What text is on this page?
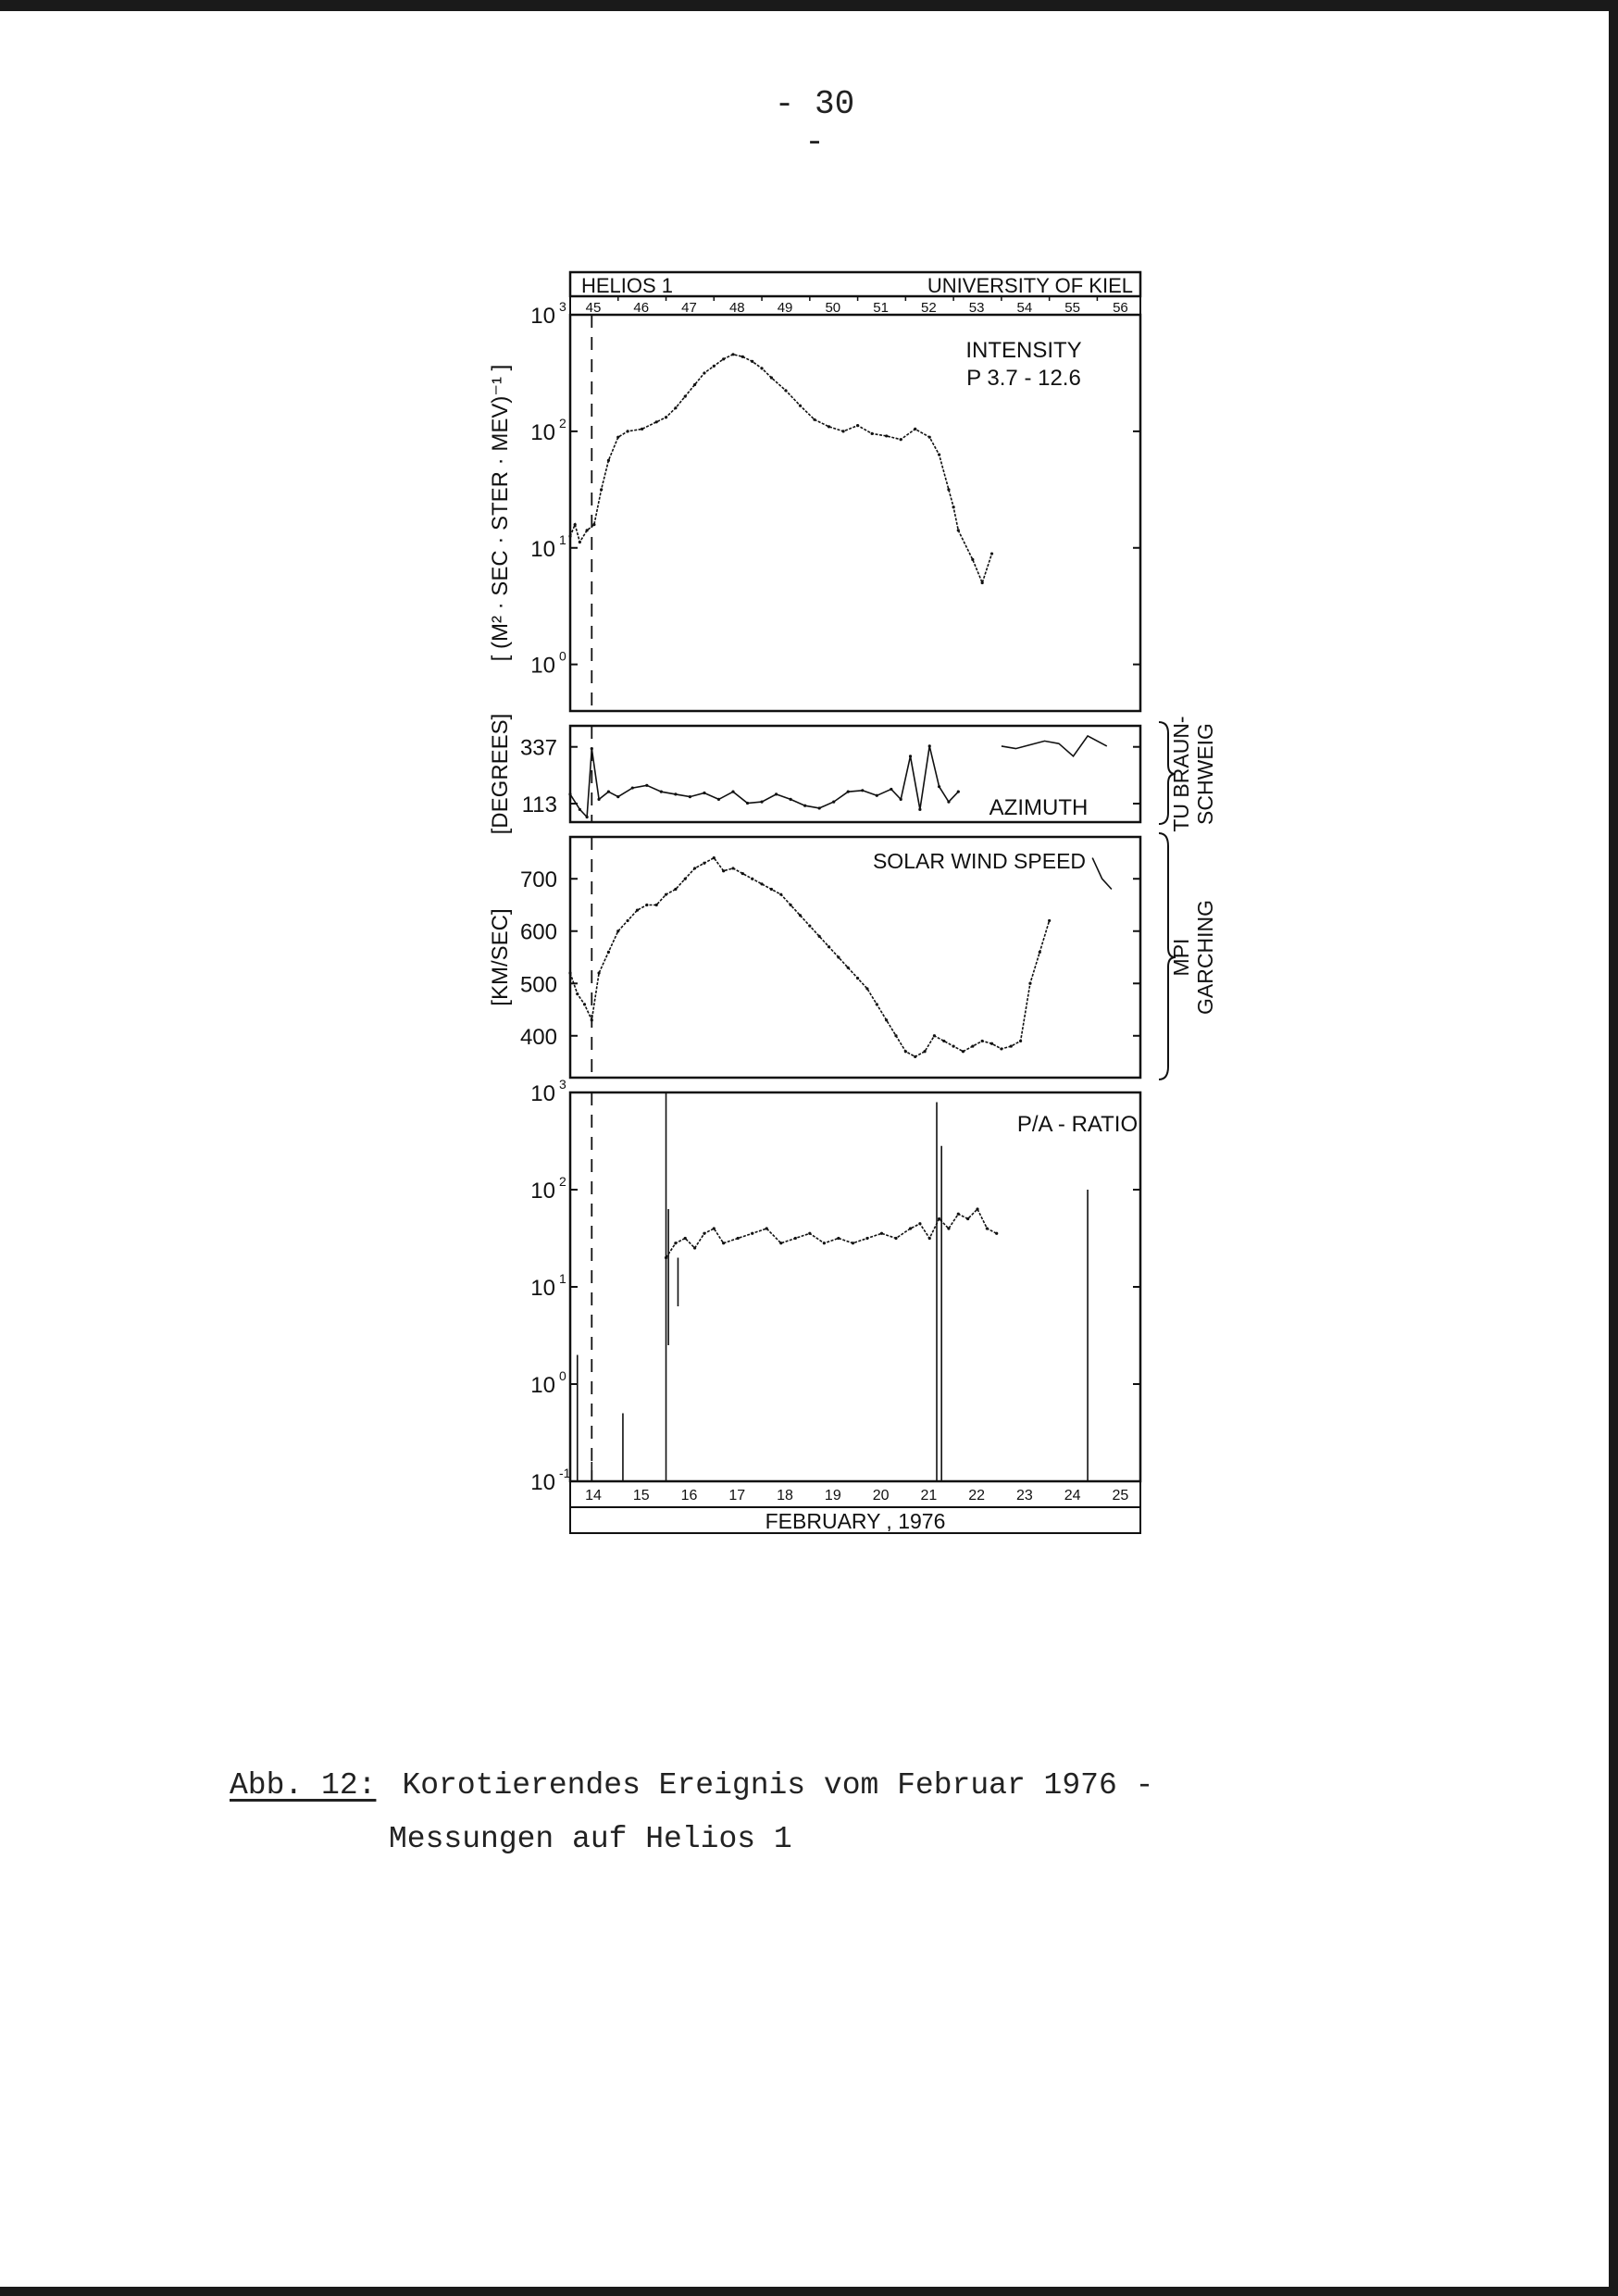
- 30 -
HELIOS 1	UNIVERSITY OF KIEL
45 46 47 48 49 50 51 52 53 54 55 56
10 3
10 2
10 1
10 0
[ (M² · SEC · STER · MEV)⁻¹ ]
337
113
[DEGREES]
700
600
500
400
[KM/SEC]
10 3
10 2
10 1
10 0
10 -1
INTENSITY
P 3.7 - 12.6
AZIMUTH
SOLAR WIND SPEED
P/A - RATIO
14 15 16 17 18 19 20 21 22 23 24 25
FEBRUARY , 1976
TU BRAUN- SCHWEIG
MPI GARCHING
Abb. 12: Korotierendes Ereignis vom Februar 1976 -
Messungen auf Helios 1
